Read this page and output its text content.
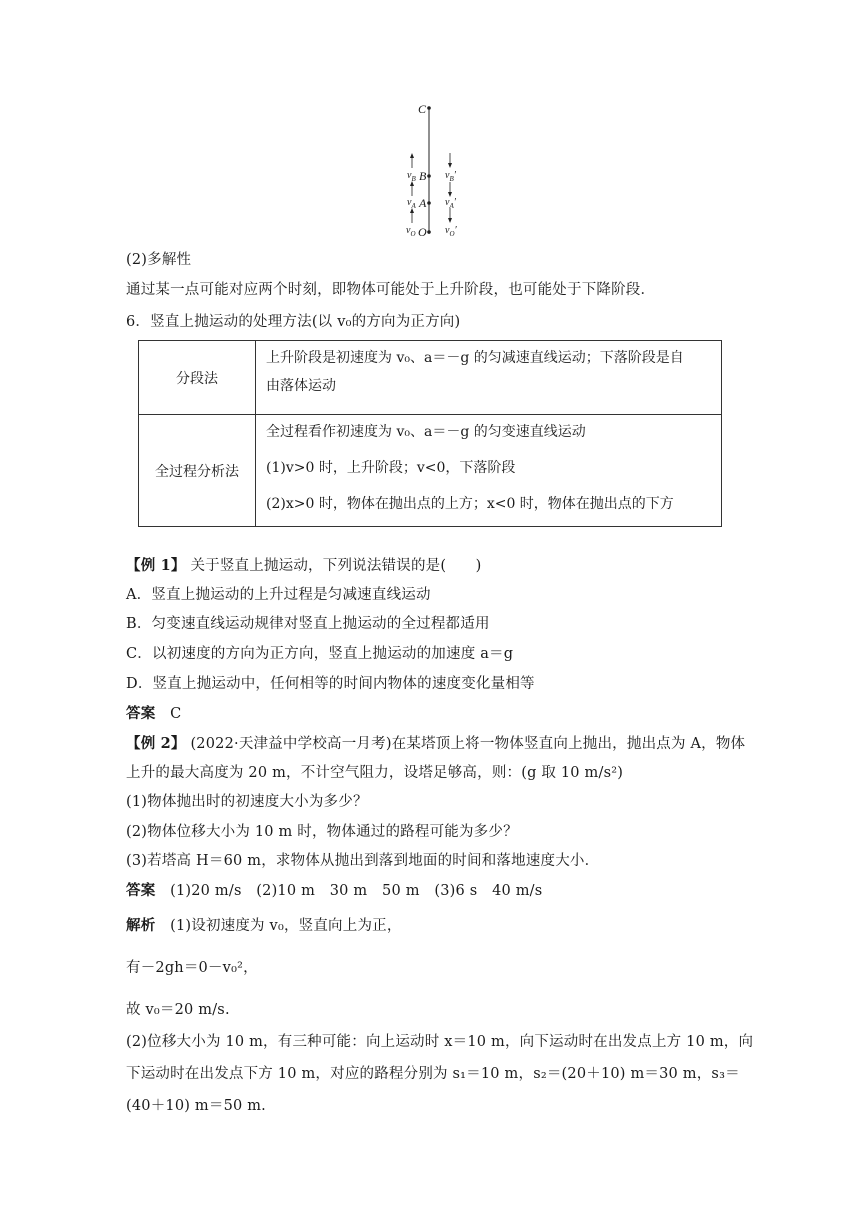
C
B
A
O
$v_B$
$v_A$
$v_O$
$v_B'$
$v_A'$
$v_O'$
(2)多解性
通过某一点可能对应两个时刻，即物体可能处于上升阶段，也可能处于下降阶段．
6．竖直上抛运动的处理方法(以 v₀的方向为正方向)
分段法	上升阶段是初速度为 v₀、a＝－g 的匀减速直线运动；下落阶段是自
由落体运动

全过程分析法	全过程看作初速度为 v₀、a＝－g 的匀变速直线运动
(1)v>0 时，上升阶段；v<0，下落阶段
(2)x>0 时，物体在抛出点的上方；x<0 时，物体在抛出点的下方
【例 1】 关于竖直上抛运动，下列说法错误的是(　　)
A．竖直上抛运动的上升过程是匀减速直线运动
B．匀变速直线运动规律对竖直上抛运动的全过程都适用
C．以初速度的方向为正方向，竖直上抛运动的加速度 a＝g
D．竖直上抛运动中，任何相等的时间内物体的速度变化量相等
答案　C
【例 2】 (2022·天津益中学校高一月考)在某塔顶上将一物体竖直向上抛出，抛出点为 A，物体
上升的最大高度为 20 m，不计空气阻力，设塔足够高，则：(g 取 10 m/s²)
(1)物体抛出时的初速度大小为多少？
(2)物体位移大小为 10 m 时，物体通过的路程可能为多少？
(3)若塔高 H＝60 m，求物体从抛出到落到地面的时间和落地速度大小．
答案　(1)20 m/s　(2)10 m　30 m　50 m　(3)6 s　40 m/s
解析　(1)设初速度为 v₀，竖直向上为正，
有－2gh＝0－v₀²，
故 v₀＝20 m/s.
(2)位移大小为 10 m，有三种可能：向上运动时 x＝10 m，向下运动时在出发点上方 10 m，向
下运动时在出发点下方 10 m，对应的路程分别为 s₁＝10 m，s₂＝(20＋10) m＝30 m，s₃＝
(40＋10) m＝50 m.
